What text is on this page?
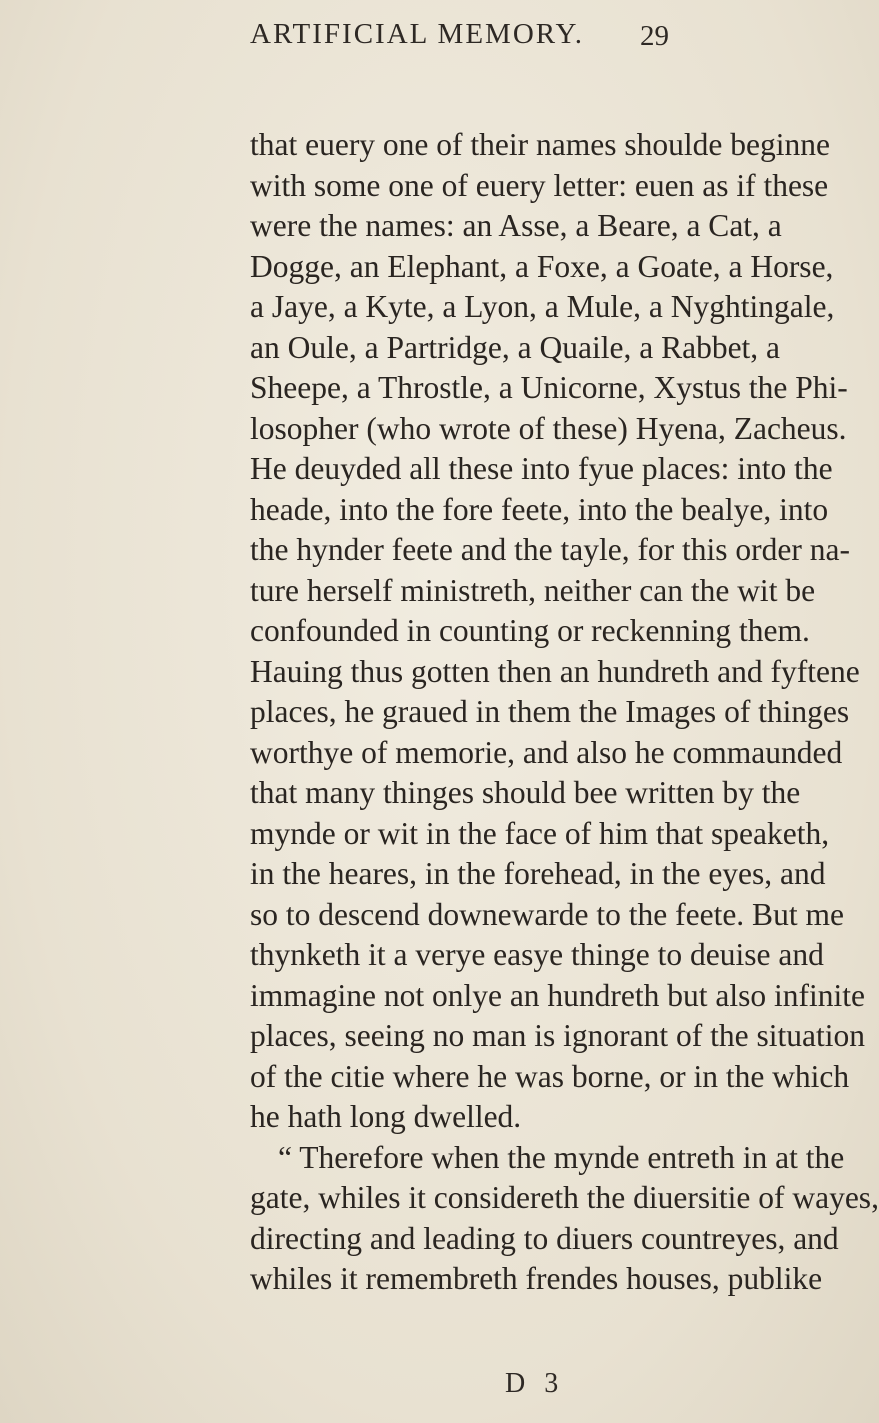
ARTIFICIAL MEMORY. 29
that euery one of their names shoulde beginne
with some one of euery letter: euen as if these
were the names: an Asse, a Beare, a Cat, a
Dogge, an Elephant, a Foxe, a Goate, a Horse,
a Jaye, a Kyte, a Lyon, a Mule, a Nyghtingale,
an Oule, a Partridge, a Quaile, a Rabbet, a
Sheepe, a Throstle, a Unicorne, Xystus the Phi-
losopher (who wrote of these) Hyena, Zacheus.
He deuyded all these into fyue places: into the
heade, into the fore feete, into the bealye, into
the hynder feete and the tayle, for this order na-
ture herself ministreth, neither can the wit be
confounded in counting or reckenning them.
Hauing thus gotten then an hundreth and fyftene
places, he graued in them the Images of thinges
worthye of memorie, and also he commaunded
that many thinges should bee written by the
mynde or wit in the face of him that speaketh,
in the heares, in the forehead, in the eyes, and
so to descend downewarde to the feete. But me
thynketh it a verye easye thinge to deuise and
immagine not onlye an hundreth but also infinite
places, seeing no man is ignorant of the situation
of the citie where he was borne, or in the which
he hath long dwelled.
“ Therefore when the mynde entreth in at the
gate, whiles it considereth the diuersitie of wayes,
directing and leading to diuers countreyes, and
whiles it remembreth frendes houses, publike
D 3
